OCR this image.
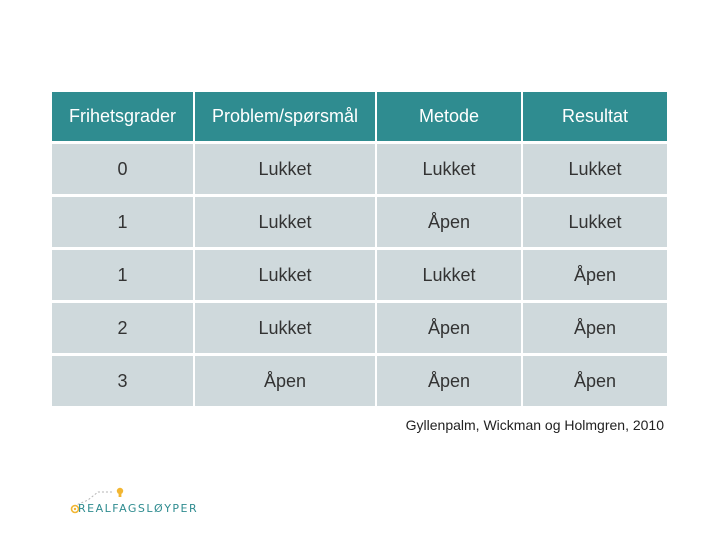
Frihetsgrader	Problem/spørsmål	Metode	Resultat
0	Lukket	Lukket	Lukket
1	Lukket	Åpen	Lukket
1	Lukket	Lukket	Åpen
2	Lukket	Åpen	Åpen
3	Åpen	Åpen	Åpen
Gyllenpalm, Wickman og Holmgren, 2010
REALFAGSLØYPER
